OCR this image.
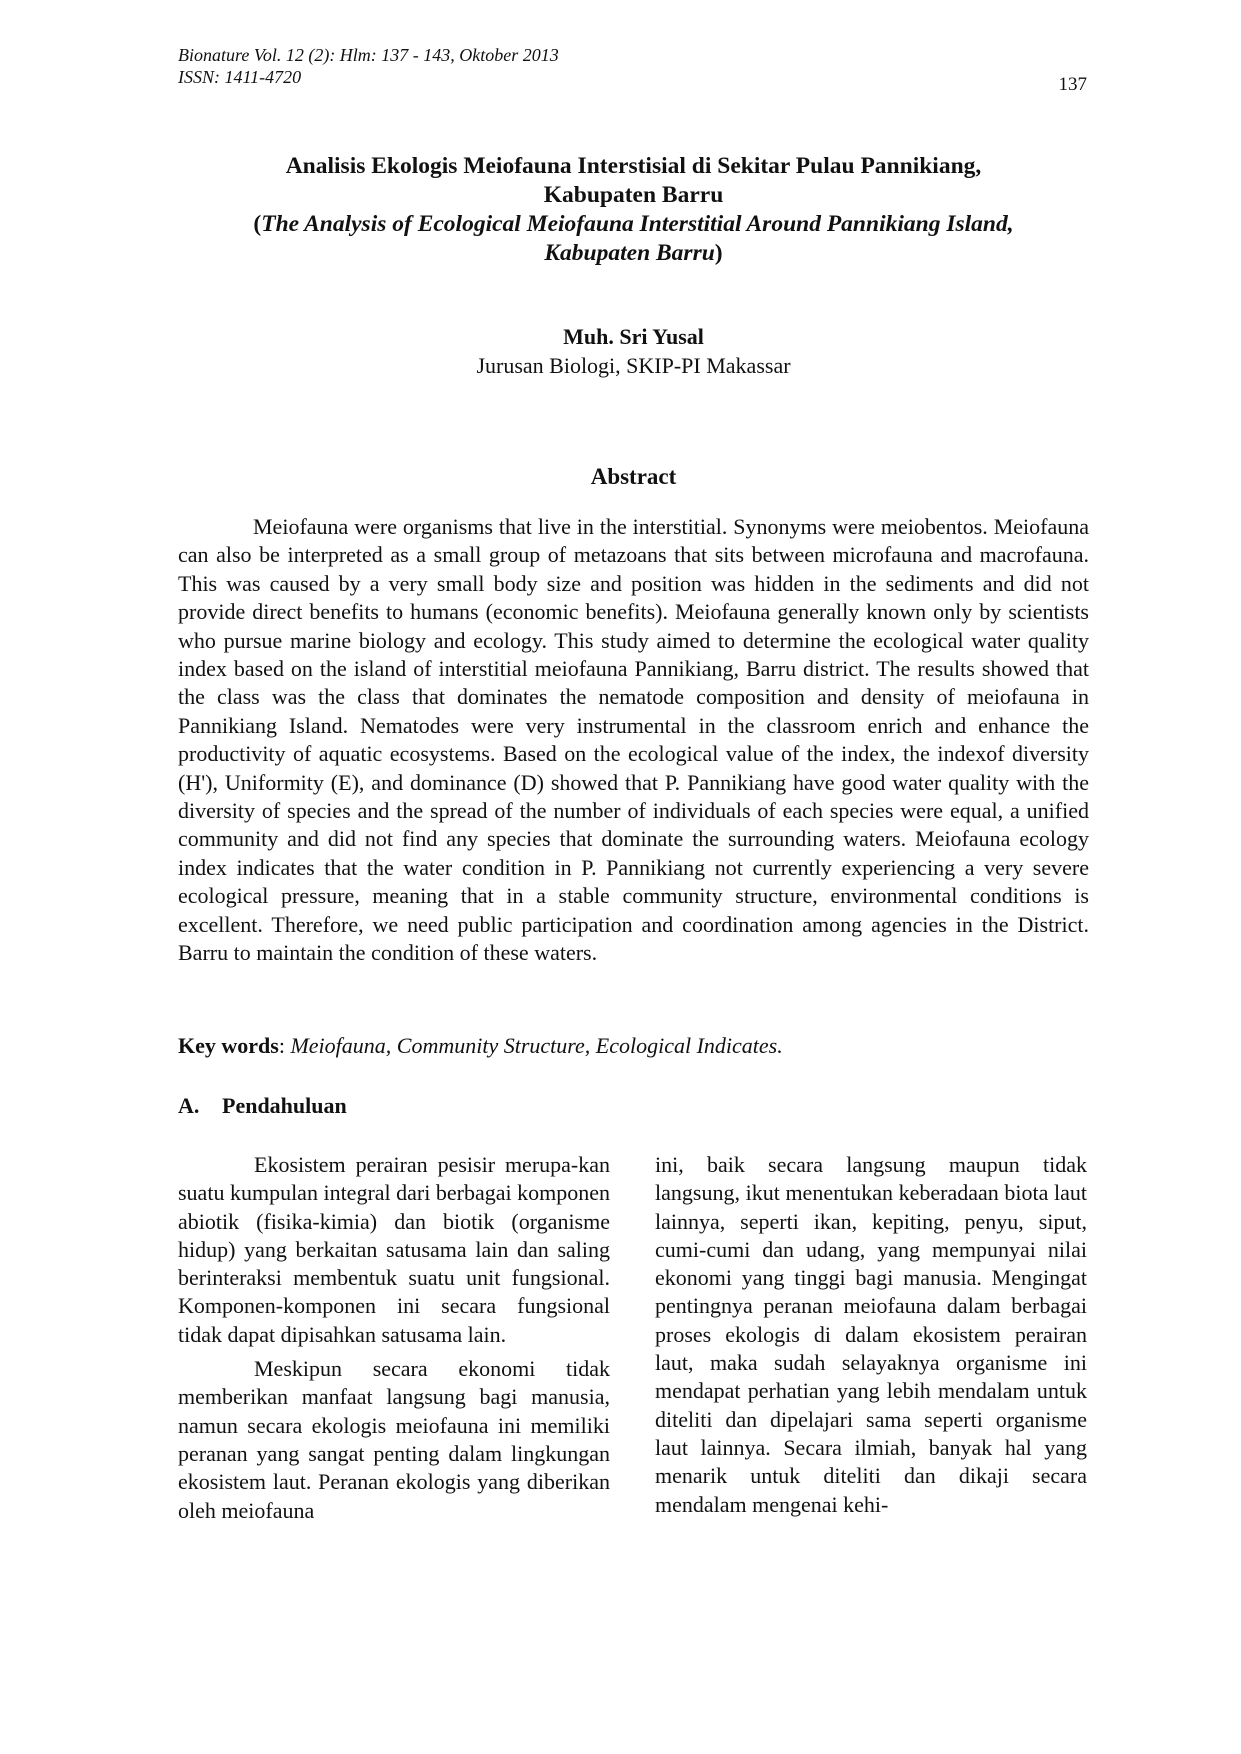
Bionature Vol. 12 (2): Hlm: 137 - 143, Oktober 2013
ISSN: 1411-4720	137
Analisis Ekologis Meiofauna Interstisial di Sekitar Pulau Pannikiang,
Kabupaten Barru
(The Analysis of Ecological Meiofauna Interstitial Around Pannikiang Island,
Kabupaten Barru)
Muh. Sri Yusal
Jurusan Biologi, SKIP-PI Makassar
Abstract
Meiofauna were organisms that live in the interstitial. Synonyms were meiobentos. Meiofauna can also be interpreted as a small group of metazoans that sits between microfauna and macrofauna. This was caused by a very small body size and position was hidden in the sediments and did not provide direct benefits to humans (economic benefits). Meiofauna generally known only by scientists who pursue marine biology and ecology. This study aimed to determine the ecological water quality index based on the island of interstitial meiofauna Pannikiang, Barru district. The results showed that the class was the class that dominates the nematode composition and density of meiofauna in Pannikiang Island. Nematodes were very instrumental in the classroom enrich and enhance the productivity of aquatic ecosystems. Based on the ecological value of the index, the indexof diversity (H'), Uniformity (E), and dominance (D) showed that P. Pannikiang have good water quality with the diversity of species and the spread of the number of individuals of each species were equal, a unified community and did not find any species that dominate the surrounding waters. Meiofauna ecology index indicates that the water condition in P. Pannikiang not currently experiencing a very severe ecological pressure, meaning that in a stable community structure, environmental conditions is excellent. Therefore, we need public participation and coordination among agencies in the District. Barru to maintain the condition of these waters.
Key words: Meiofauna, Community Structure, Ecological Indicates.
A. Pendahuluan

Ekosistem perairan pesisir merupa-kan suatu kumpulan integral dari berbagai komponen abiotik (fisika-kimia) dan biotik (organisme hidup) yang berkaitan satusama lain dan saling berinteraksi membentuk suatu unit fungsional. Komponen-komponen ini secara fungsional tidak dapat dipisahkan satusama lain.

Meskipun secara ekonomi tidak memberikan manfaat langsung bagi manusia, namun secara ekologis meiofauna ini memiliki peranan yang sangat penting dalam lingkungan ekosistem laut. Peranan ekologis yang diberikan oleh meiofauna

ini, baik secara langsung maupun tidak langsung, ikut menentukan keberadaan biota laut lainnya, seperti ikan, kepiting, penyu, siput, cumi-cumi dan udang, yang mempunyai nilai ekonomi yang tinggi bagi manusia. Mengingat pentingnya peranan meiofauna dalam berbagai proses ekologis di dalam ekosistem perairan laut, maka sudah selayaknya organisme ini mendapat perhatian yang lebih mendalam untuk diteliti dan dipelajari sama seperti organisme laut lainnya. Secara ilmiah, banyak hal yang menarik untuk diteliti dan dikaji secara mendalam mengenai kehi-
